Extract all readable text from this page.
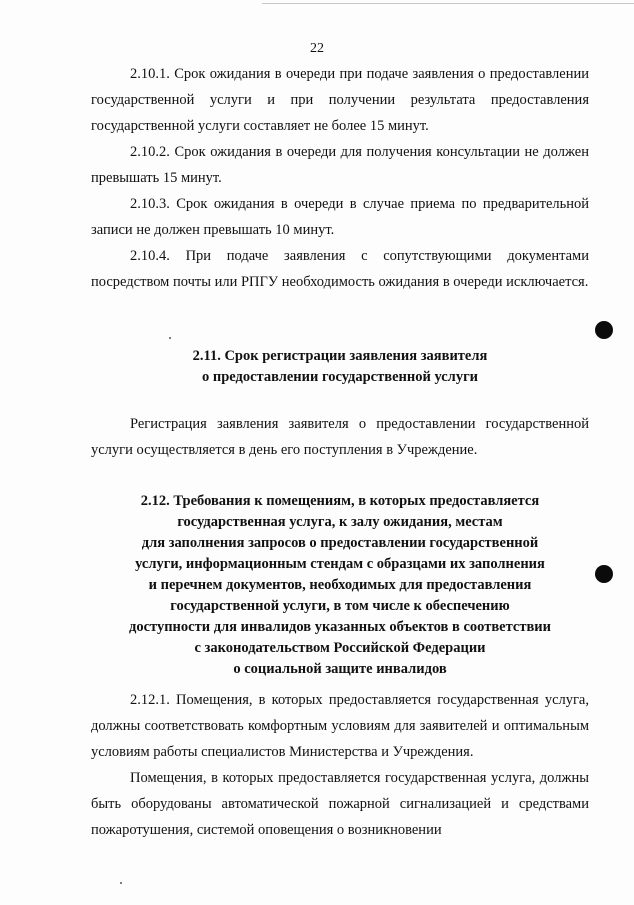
22

2.10.1. Срок ожидания в очереди при подаче заявления о предоставлении государственной услуги и при получении результата предоставления государственной услуги составляет не более 15 минут.

2.10.2. Срок ожидания в очереди для получения консультации не должен превышать 15 минут.

2.10.3. Срок ожидания в очереди в случае приема по предварительной записи не должен превышать 10 минут.

2.10.4. При подаче заявления с сопутствующими документами посредством почты или РПГУ необходимость ожидания в очереди исключается.

2.11. Срок регистрации заявления заявителя
о предоставлении государственной услуги

Регистрация заявления заявителя о предоставлении государственной услуги осуществляется в день его поступления в Учреждение.

2.12. Требования к помещениям, в которых предоставляется
государственная услуга, к залу ожидания, местам
для заполнения запросов о предоставлении государственной
услуги, информационным стендам с образцами их заполнения
и перечнем документов, необходимых для предоставления
государственной услуги, в том числе к обеспечению
доступности для инвалидов указанных объектов в соответствии
с законодательством Российской Федерации
о социальной защите инвалидов

2.12.1. Помещения, в которых предоставляется государственная услуга, должны соответствовать комфортным условиям для заявителей и оптимальным условиям работы специалистов Министерства и Учреждения.

Помещения, в которых предоставляется государственная услуга, должны быть оборудованы автоматической пожарной сигнализацией и средствами пожаротушения, системой оповещения о возникновении
